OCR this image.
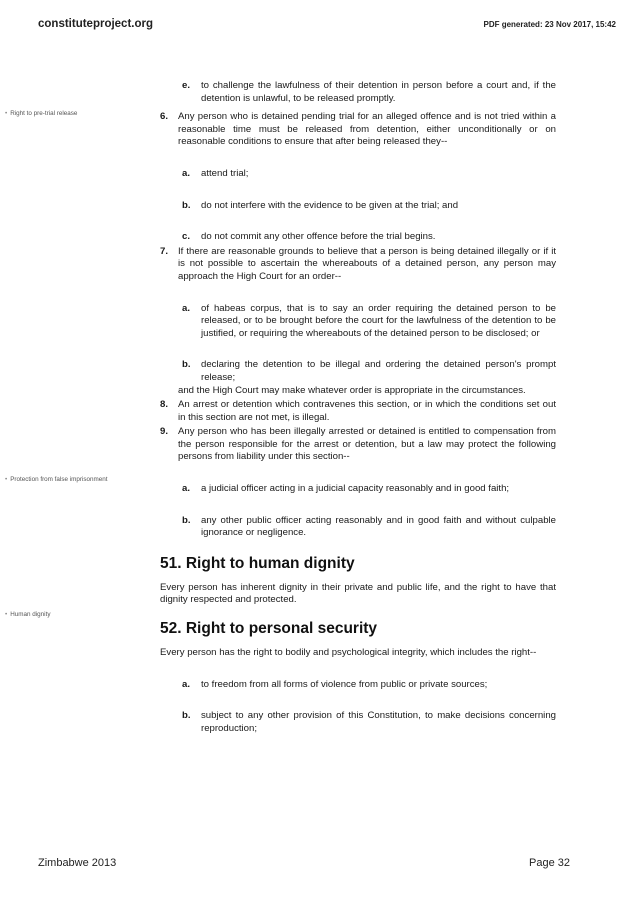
constituteproject.org	PDF generated: 23 Nov 2017, 15:42
• Right to pre-trial release
• Protection from false imprisonment
• Human dignity
e. to challenge the lawfulness of their detention in person before a court and, if the detention is unlawful, to be released promptly.
6. Any person who is detained pending trial for an alleged offence and is not tried within a reasonable time must be released from detention, either unconditionally or on reasonable conditions to ensure that after being released they--
a. attend trial;
b. do not interfere with the evidence to be given at the trial; and
c. do not commit any other offence before the trial begins.
7. If there are reasonable grounds to believe that a person is being detained illegally or if it is not possible to ascertain the whereabouts of a detained person, any person may approach the High Court for an order--
a. of habeas corpus, that is to say an order requiring the detained person to be released, or to be brought before the court for the lawfulness of the detention to be justified, or requiring the whereabouts of the detained person to be disclosed; or
b. declaring the detention to be illegal and ordering the detained person's prompt release;
and the High Court may make whatever order is appropriate in the circumstances.
8. An arrest or detention which contravenes this section, or in which the conditions set out in this section are not met, is illegal.
9. Any person who has been illegally arrested or detained is entitled to compensation from the person responsible for the arrest or detention, but a law may protect the following persons from liability under this section--
a. a judicial officer acting in a judicial capacity reasonably and in good faith;
b. any other public officer acting reasonably and in good faith and without culpable ignorance or negligence.
51. Right to human dignity
Every person has inherent dignity in their private and public life, and the right to have that dignity respected and protected.
52. Right to personal security
Every person has the right to bodily and psychological integrity, which includes the right--
a. to freedom from all forms of violence from public or private sources;
b. subject to any other provision of this Constitution, to make decisions concerning reproduction;
Zimbabwe 2013	Page 32
